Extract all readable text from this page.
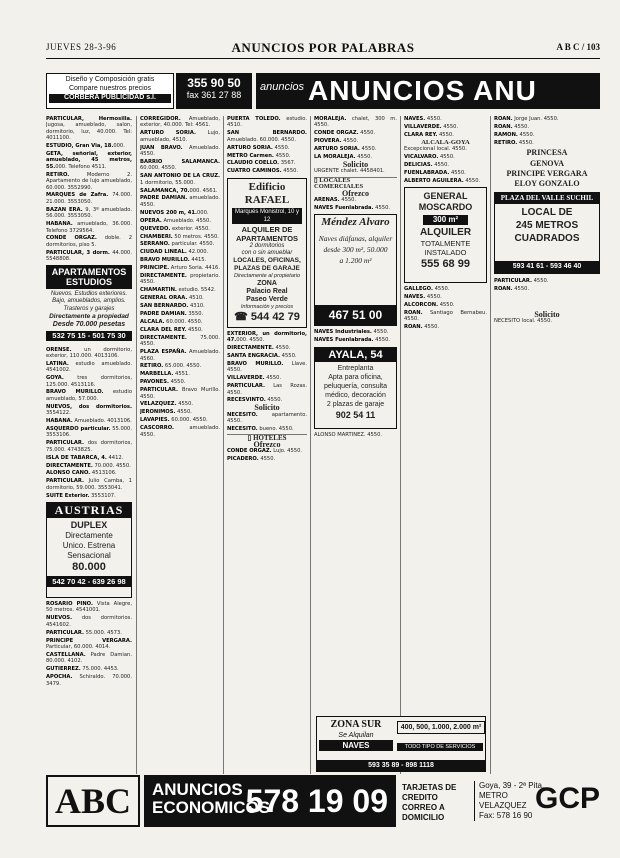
JUEVES 28-3-96	ANUNCIOS POR PALABRAS	A B C / 103
Diseño y Composición gratis
Compare nuestros precios
CORBERA PUBLICIDAD s.l.
355 90 50
fax 361 27 88
$^{anuncios}$ ANUNCIOS ANU

PARTICULAR, Hermosilla. Jugosa, amueblado, salon, dormitorio, luz, 40.000. Tel: 4011100.

ESTUDIO, Gran Via, 18.000.

GETA, señorial, exterior, amueblado, 45 metros, 55.000. Telefono 4511.

RETIRO. Moderno 2. Apartamento de lujo amueblado, 60.000. 3552990.

MARQUES de Zafra. 74.000. 21.000. 3553050.

BAZAN ERA. 9, 3º amueblado. 56.000. 3553050.

HABANA. amueblado, 36.000. Telefono 3729564.

CONDE ORGAZ. doble. 2 dormitorios, piso 5.

PARTICULAR, 3 dorm. 44.000. 5548808.

APARTAMENTOS
ESTUDIOS
Nuevos. Estudios exteriores.
Bajo, amueblados, amplios.
Trasteros y garajes
Directamente a propiedad
Desde 70.000 pesetas
532 75 15 - 501 75 30

ORENSE. un dormitorio, exterior, 110.000. 4013106.

LATINA. estudio amueblado. 4541002.

GOYA. tres dormitorios, 125.000. 4513116.

BRAVO MURILLO. estudio amueblado, 57.000.

NUEVOS, dos dormitorios. 3554122.

HABANA. Amueblado. 4013106.

ASQUERDO particular. 55.000. 3553106.

PARTICULAR. dos dormitorios, 75.000. 4743825.

ISLA DE TABARCA, 4. 4412.

DIRECTAMENTE. 70.000. 4550.

ALONSO CANO. 4513106.

PARTICULAR. Julio Camba, 1 dormitorio, 59.000. 3553041.

SUITE Exterior. 3553107.

AUSTRIAS
DUPLEX
Directamente
Unico. Estrena
Sensacional
80.000
542 70 42 - 639 26 98

ROSARIO PINO. Vista Alegre, 50 metros. 4541001.

NUEVOS. dos dormitorios. 4541602.

PARTICULAR. 55.000. 4573.

PRINCIPE VERGARA. Particular, 60.000. 4014.

CASTELLANA. Padre Damian. 80.000. 4102.

GUTIERREZ. 75.000. 4453.

APOCHA. Schiraldo. 70.000. 3479.

CORREGIDOR. Amueblado, exterior, 40.000. Tel: 4561.

ARTURO SORIA. Lujo, amueblado, 4510.

JUAN BRAVO. Amueblado. 4550.

BARRIO SALAMANCA. 60.000. 4550.

SAN ANTONIO DE LA CRUZ. 1 dormitorio, 55.000.

SALAMANCA, 70.000. 4561.

PADRE DAMIAN. amueblado. 4550.

NUEVOS 200 m, 41.000.

OPERA. Amueblado. 4550.

QUEVEDO. exterior. 4550.

CHAMBERI. 50 metros. 4550.

SERRANO. particular. 4550.

CIUDAD LINEAL. 42.000.

BRAVO MURILLO. 4415.

PRINCIPE. Arturo Soria. 4416.

DIRECTAMENTE. propietario. 4550.

CHAMARTIN. estudio. 5542.

GENERAL ORAA. 4510.

SAN BERNARDO. 4310.

PADRE DAMIAN. 3550.

ALCALA. 60.000. 4550.

CLARA DEL REY. 4550.

DIRECTAMENTE. 75.000. 4550.

PLAZA ESPAÑA. Amueblado. 4560.

RETIRO. 65.000. 4550.

MARBELLA. 4551.

PAVONES. 4550.

PARTICULAR. Bravo Murillo. 4550.

VELAZQUEZ. 4550.

JERONIMOS. 4550.

LAVAPIES. 60.000. 4550.

CASCORRO. amueblado. 4550.

PUERTA TOLEDO. estudio. 4510.

SAN BERNARDO. Amueblado. 60.000. 4550.

ARTURO SORIA. 4550.

METRO Carmen. 4550.

CLAUDIO COELLO. 3567.

CUATRO CAMINOS. 4550.

Edificio RAFAEL
Marqués Monistrol, 10 y 12
ALQUILER DE
APARTAMENTOS
2 dormitorios
con o sin amueblar
LOCALES, OFICINAS,
PLAZAS DE GARAJE
Directamente al propietario
ZONA
Palacio Real
Paseo Verde
Información y precios
☎ 544 42 79

EXTERIOR, un dormitorio, 47.000. 4550.

DIRECTAMENTE. 4550.

SANTA ENGRACIA. 4550.

BRAVO MURILLO. Llave. 4550.

VILLAVERDE. 4550.

PARTICULAR. Las Rozas. 4550.

RECESVINTO. 4550.

Solicito

NECESITO. apartamento. 4550.

NECESITO. bueno. 4550.

▯ HOTELES
Ofrezco

CONDE ORGAZ. Lujo. 4550.

PICADERO. 4550.

MORALEJA. chalet, 300 m. 4550.

CONDE ORGAZ. 4550.

PIOVERA. 4550.

ARTURO SORIA. 4550.

LA MORALEJA. 4550.

Solicito

URGENTE chalet. 4458401.

▯ LOCALES COMERCIALES
Ofrezco

ARENAS. 4550.

NAVES Fuenlabrada. 4550.

Méndez Alvaro
Naves diáfanas, alquiler
desde 300 m², 50.000
a 1.200 m²
467 51 00

NAVES Industriales. 4550.

NAVES Fuenlabrada. 4550.

AYALA, 54
Entreplanta
Apta para oficina,
peluquería, consulta
médico, decoración
2 plazas de garaje
902 54 11

ALONSO MARTINEZ. 4550.

NAVES. 4550.

VILLAVERDE. 4550.

CLARA REY. 4550.

ALCALA-GOYA

Excepcional local. 4550.

VICALVARO. 4550.

DELICIAS. 4550.

FUENLABRADA. 4550.

ALBERTO AGUILERA. 4550.

GENERAL
MOSCARDO
300 m²
ALQUILER
TOTALMENTE
INSTALADO
555 68 99

GALLEGO. 4550.

NAVES. 4550.

ALCORCON. 4550.

ROAN. Santiago Bernabeu. 4550.

ROAN. 4550.

ZONA SUR
Se Alquilan
NAVES
400, 500, 1.000, 2.000 m²
TODO TIPO DE SERVICIOS
593 35 89 - 898 1118

ROAN. Jorge Juan. 4550.

ROAN. 4550.

RAMON. 4550.

RETIRO. 4550.

PRINCESA
GENOVA
PRINCIPE VERGARA
ELOY GONZALO
PLAZA DEL VALLE SUCHIL
LOCAL DE
245 METROS
CUADRADOS
593 41 61 - 593 46 40

PARTICULAR. 4550.

ROAN. 4550.

Solicito
NECESITO local. 4550.
ABC	ANUNCIOS
ECONOMICOS
578 19 09 TARJETAS DE CREDITO
CORREO A DOMICILIO
Goya, 39 - 2ª Pita.
METRO VELAZQUEZ
Fax: 578 16 90
GCP
